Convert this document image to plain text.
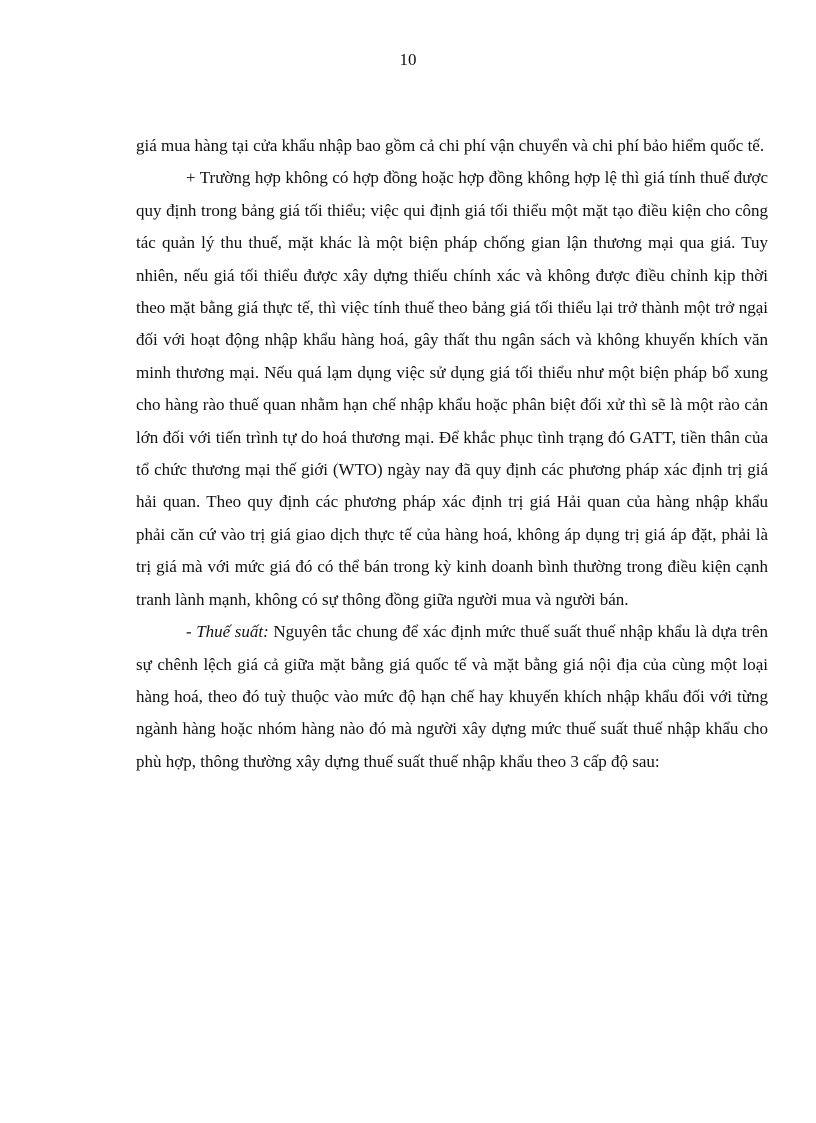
10

giá mua hàng tại cửa khẩu nhập bao gồm cả chi phí vận chuyển và chi phí bảo hiểm quốc tế.

+ Trường hợp không có hợp đồng hoặc hợp đồng không hợp lệ thì giá tính thuế được quy định trong bảng giá tối thiểu; việc qui định giá tối thiểu một mặt tạo điều kiện cho công tác quản lý thu thuế, mặt khác là một biện pháp chống gian lận thương mại qua giá. Tuy nhiên, nếu giá tối thiểu được xây dựng thiếu chính xác và không được điều chỉnh kịp thời theo mặt bằng giá thực tế, thì việc tính thuế theo bảng giá tối thiểu lại trở thành một trở ngại đối với hoạt động nhập khẩu hàng hoá, gây thất thu ngân sách và không khuyến khích văn minh thương mại. Nếu quá lạm dụng việc sử dụng giá tối thiểu như một biện pháp bổ xung cho hàng rào thuế quan nhằm hạn chế nhập khẩu hoặc phân biệt đối xử thì sẽ là một rào cản lớn đối với tiến trình tự do hoá thương mại. Để khắc phục tình trạng đó GATT, tiền thân của tổ chức thương mại thế giới (WTO) ngày nay đã quy định các phương pháp xác định trị giá hải quan. Theo quy định các phương pháp xác định trị giá Hải quan của hàng nhập khẩu phải căn cứ vào trị giá giao dịch thực tế của hàng hoá, không áp dụng trị giá áp đặt, phải là trị giá mà với mức giá đó có thể bán trong kỳ kinh doanh bình thường trong điều kiện cạnh tranh lành mạnh, không có sự thông đồng giữa người mua và người bán.

- Thuế suất: Nguyên tắc chung để xác định mức thuế suất thuế nhập khẩu là dựa trên sự chênh lệch giá cả giữa mặt bằng giá quốc tế và mặt bằng giá nội địa của cùng một loại hàng hoá, theo đó tuỳ thuộc vào mức độ hạn chế hay khuyến khích nhập khẩu đối với từng ngành hàng hoặc nhóm hàng nào đó mà người xây dựng mức thuế suất thuế nhập khẩu cho phù hợp, thông thường xây dựng thuế suất thuế nhập khẩu theo 3 cấp độ sau:
